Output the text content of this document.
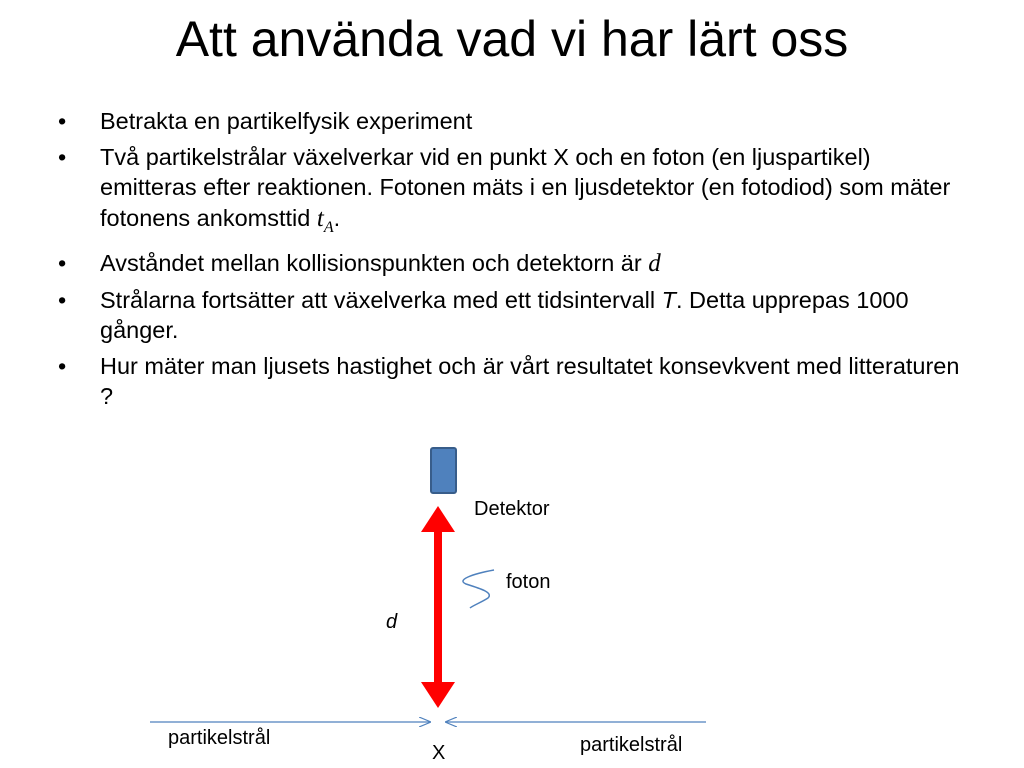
Att använda vad vi har lärt oss
• Betrakta en partikelfysik experiment
• Två partikelstrålar växelverkar vid en punkt X och en foton (en ljuspartikel) emitteras efter reaktionen. Fotonen mäts i en ljusdetektor (en fotodiod) som mäter fotonens ankomsttid $t_A$.
• Avståndet mellan kollisionspunkten och detektorn är d
• Strålarna fortsätter att växelverka med ett tidsintervall T. Detta upprepas 1000 gånger.
• Hur mäter man ljusets hastighet och är vårt resultatet konsevkvent med litteraturen ?
Detektor
foton
d
partikelstrål	partikelstrål
X
